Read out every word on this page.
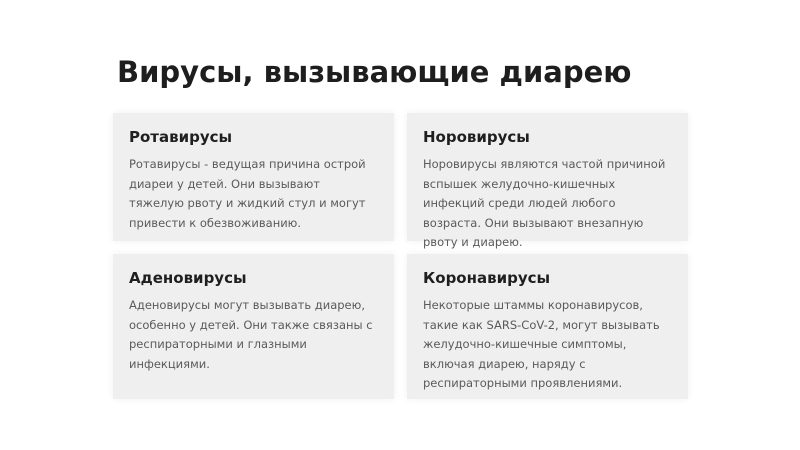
Вирусы, вызывающие диарею
Ротавирусы

Ротавирусы - ведущая причина острой диареи у детей. Они вызывают тяжелую рвоту и жидкий стул и могут привести к обезвоживанию.

Норовирусы

Норовирусы являются частой причиной вспышек желудочно-кишечных инфекций среди людей любого возраста. Они вызывают внезапную рвоту и диарею.

Аденовирусы

Аденовирусы могут вызывать диарею, особенно у детей. Они также связаны с респираторными и глазными инфекциями.

Коронавирусы

Некоторые штаммы коронавирусов, такие как SARS-CoV-2, могут вызывать желудочно-кишечные симптомы, включая диарею, наряду с респираторными проявлениями.
